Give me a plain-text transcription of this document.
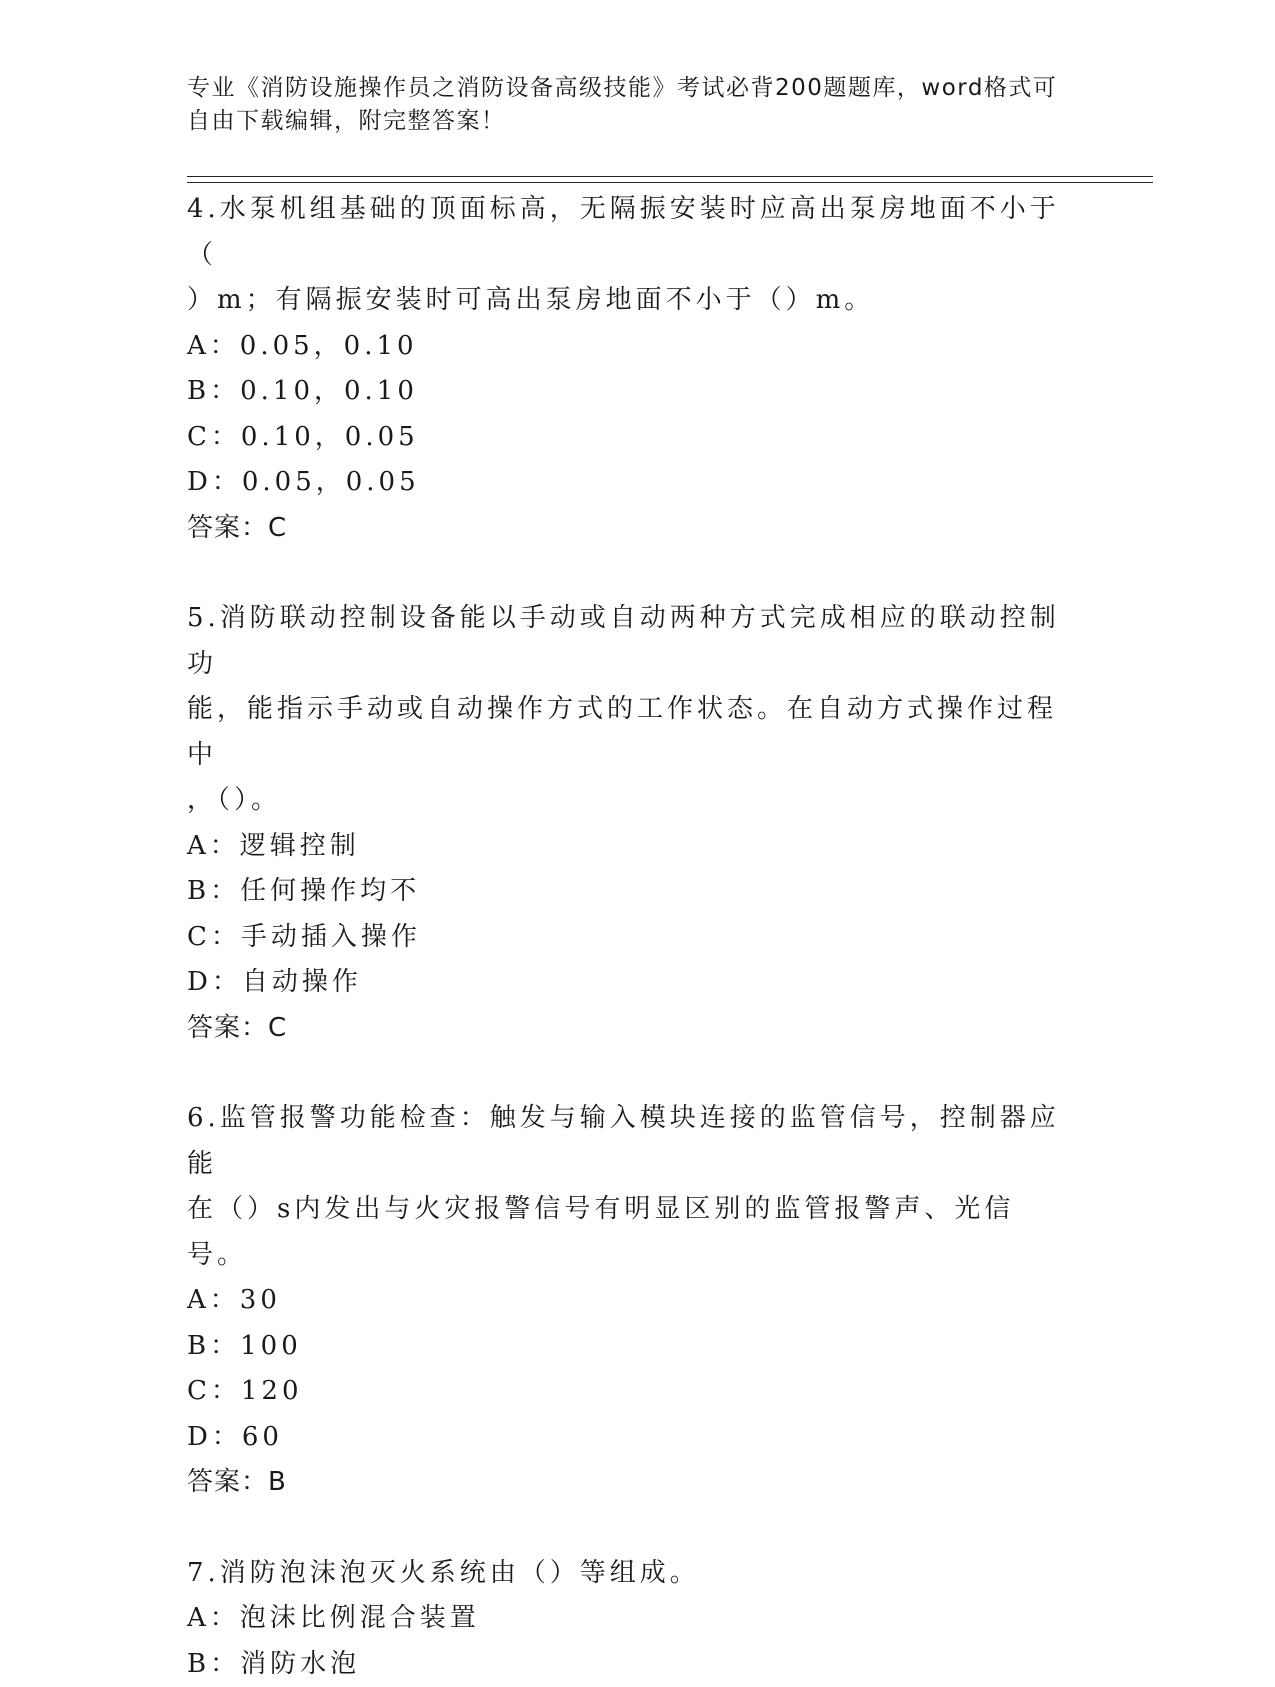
专业《消防设施操作员之消防设备高级技能》考试必背200题题库，word格式可
自由下载编辑，附完整答案！

4.水泵机组基础的顶面标高，无隔振安装时应高出泵房地面不小于（

）m；有隔振安装时可高出泵房地面不小于（）m。

A：0.05，0.10

B：0.10，0.10

C：0.10，0.05

D：0.05，0.05

答案：C

5.消防联动控制设备能以手动或自动两种方式完成相应的联动控制功

能，能指示手动或自动操作方式的工作状态。在自动方式操作过程中

，（）。

A：逻辑控制

B：任何操作均不

C：手动插入操作

D：自动操作

答案：C

6.监管报警功能检查：触发与输入模块连接的监管信号，控制器应能

在（）s内发出与火灾报警信号有明显区别的监管报警声、光信号。

A：30

B：100

C：120

D：60

答案：B

7.消防泡沫泡灭火系统由（）等组成。

A：泡沫比例混合装置

B：消防水泡
